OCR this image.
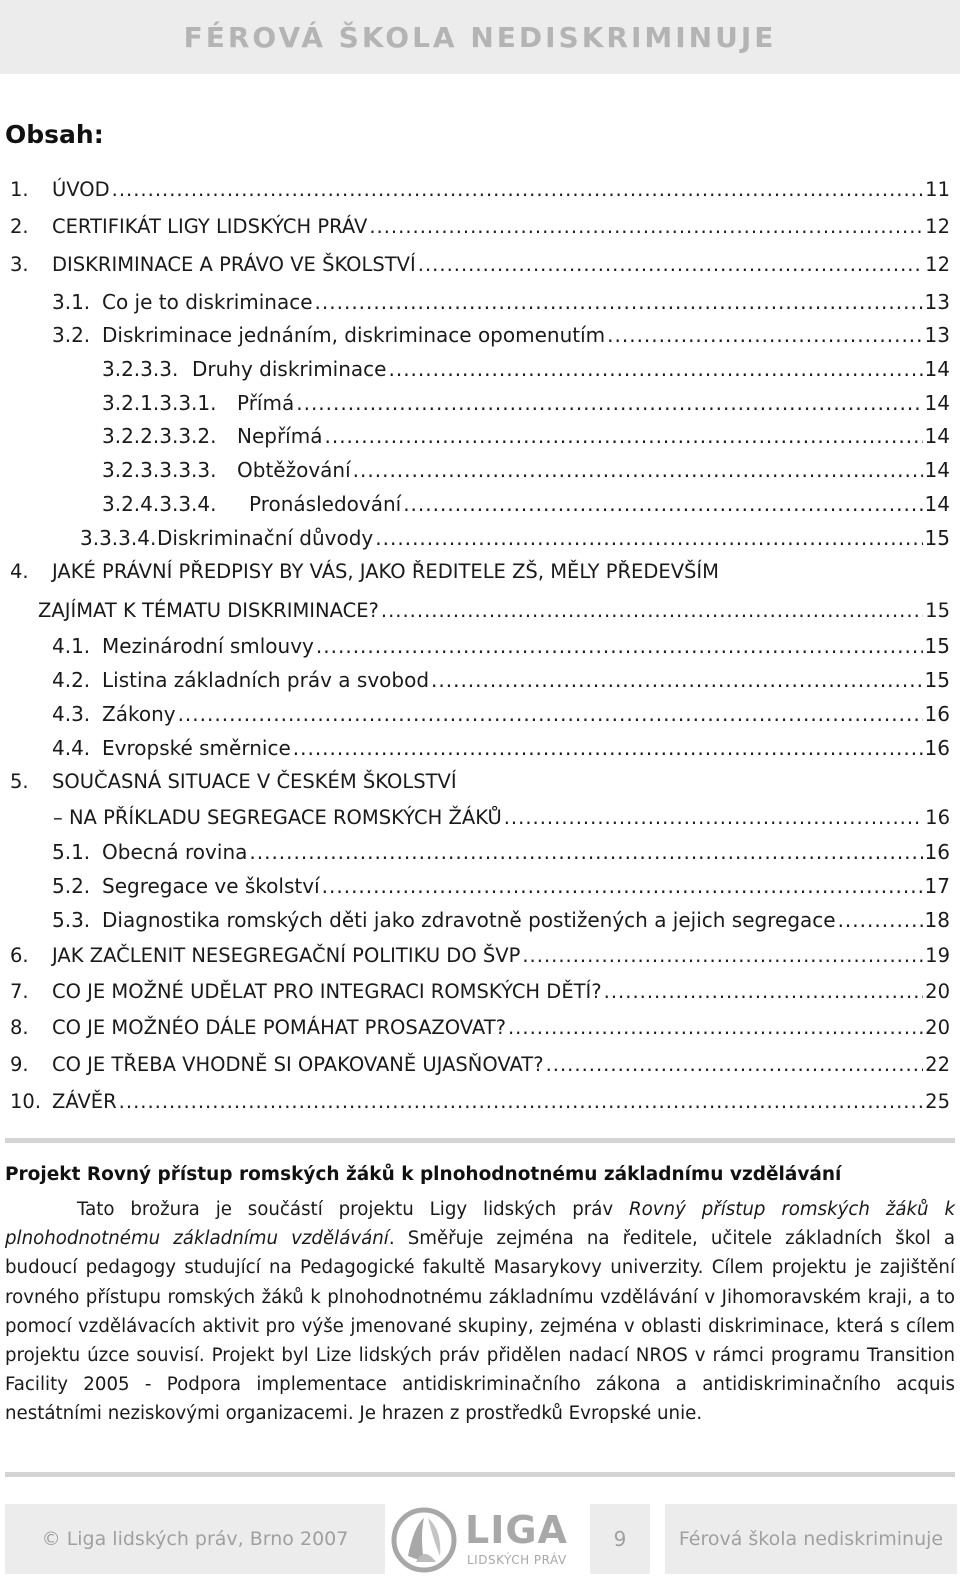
FÉROVÁ ŠKOLA NEDISKRIMINUJE
Obsah:
1.	ÚVOD .....	11
2.	CERTIFIKÁT LIGY LIDSKÝCH PRÁV .....	12
3.	DISKRIMINACE A PRÁVO VE ŠKOLSTVÍ .....	12
3.1. Co je to diskriminace .....	13
3.2. Diskriminace jednáním, diskriminace opomenutím .....	13
3.2.3.3. Druhy diskriminace .....	14
3.2.1.3.3.1.	Přímá .....	14
3.2.2.3.3.2.	Nepřímá .....	14
3.2.3.3.3.3.	Obtěžování .....	14
3.2.4.3.3.4.	Pronásledování .....	14
3.3.3.4. Diskriminační důvody .....	15
4. JAKÉ PRÁVNÍ PŘEDPISY BY VÁS, JAKO ŘEDITELE ZŠ, MĚLY PŘEDEVŠÍM
ZAJÍMAT K TÉMATU DISKRIMINACE? .....	15
4.1. Mezinárodní smlouvy .....	15
4.2. Listina základních práv a svobod .....	15
4.3. Zákony .....	16
4.4. Evropské směrnice .....	16
5. SOUČASNÁ SITUACE V ČESKÉM ŠKOLSTVÍ
– NA PŘÍKLADU SEGREGACE ROMSKÝCH ŽÁKŮ .....	16
5.1. Obecná rovina .....	16
5.2. Segregace ve školství .....	17
5.3. Diagnostika romských děti jako zdravotně postižených a jejich segregace .....	18
6.	JAK ZAČLENIT NESEGREGAČNÍ POLITIKU DO ŠVP .....	19
7.	CO JE MOŽNÉ UDĚLAT PRO INTEGRACI ROMSKÝCH DĚTÍ? .....	20
8.	CO JE MOŽNÉO DÁLE POMÁHAT PROSAZOVAT? .....	20
9.	CO JE TŘEBA VHODNĚ SI OPAKOVANĚ UJASŇOVAT? .....	22
10. ZÁVĚR .....	25
Projekt Rovný přístup romských žáků k plnohodnotnému základnímu vzdělávání
Tato brožura je součástí projektu Ligy lidských práv Rovný přístup romských žáků k plnohodnotnému základnímu vzdělávání. Směřuje zejména na ředitele, učitele základních škol a budoucí pedagogy studující na Pedagogické fakultě Masarykovy univerzity. Cílem projektu je zajištění rovného přístupu romských žáků k plnohodnotnému základnímu vzdělávání v Jihomoravském kraji, a to pomocí vzdělávacích aktivit pro výše jmenované skupiny, zejména v oblasti diskriminace, která s cílem projektu úzce souvisí. Projekt byl Lize lidských práv přidělen nadací NROS v rámci programu Transition Facility 2005 - Podpora implementace antidiskriminačního zákona a antidiskriminačního acquis nestátními neziskovými organizacemi. Je hrazen z prostředků Evropské unie.
© Liga lidských práv, Brno 2007	LIGA
LIDSKÝCH PRÁV
9	Férová škola nediskriminuje
